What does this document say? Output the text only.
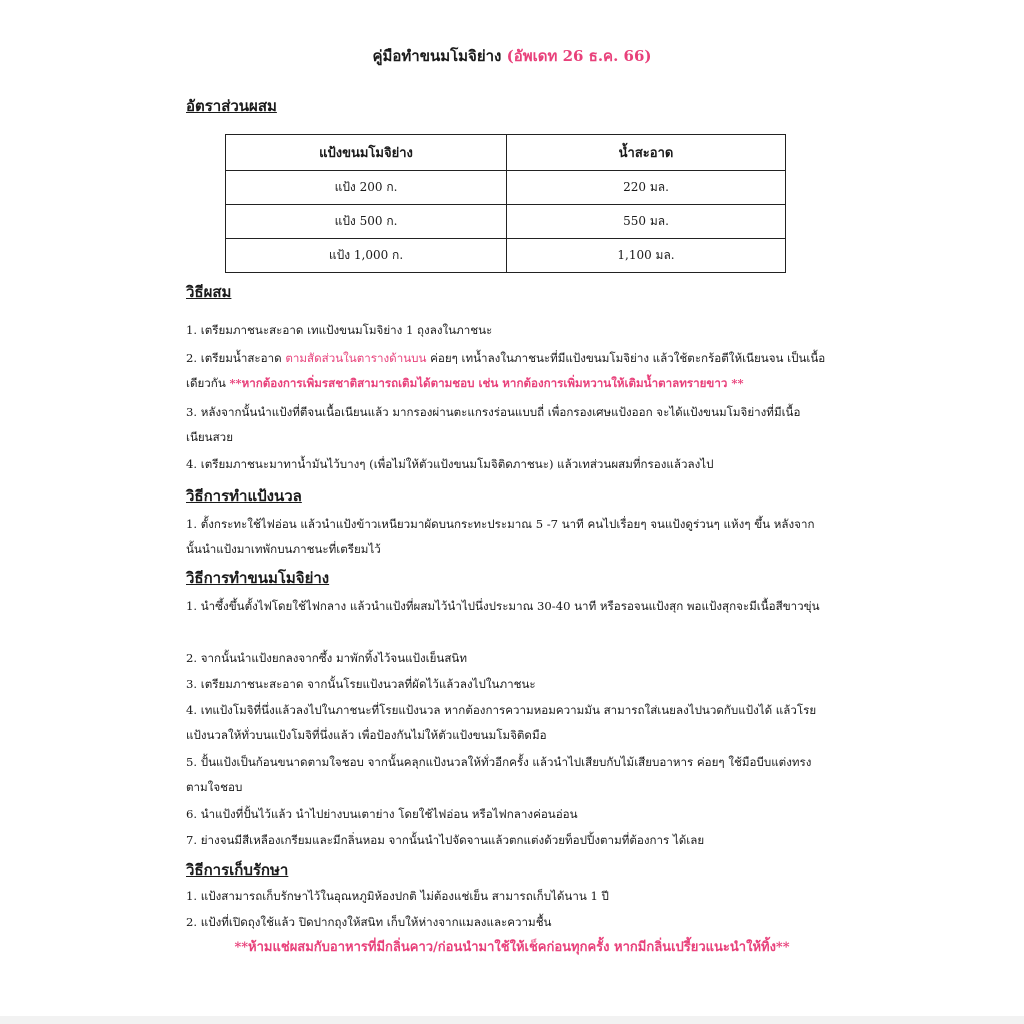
คู่มือทำขนมโมจิย่าง (อัพเดท 26 ธ.ค. 66)
อัตราส่วนผสม
แป้งขนมโมจิย่าง	น้ำสะอาด
แป้ง 200 ก.	220 มล.
แป้ง 500 ก.	550 มล.
แป้ง 1,000 ก.	1,100 มล.
วิธีผสม
1. เตรียมภาชนะสะอาด เทแป้งขนมโมจิย่าง 1 ถุงลงในภาชนะ
2. เตรียมน้ำสะอาด ตามสัดส่วนในตารางด้านบน ค่อยๆ เทน้ำลงในภาชนะที่มีแป้งขนมโมจิย่าง แล้วใช้ตะกร้อตีให้เนียนจน เป็นเนื้อเดียวกัน **หากต้องการเพิ่มรสชาติสามารถเติมได้ตามชอบ เช่น หากต้องการเพิ่มหวานให้เติมน้ำตาลทรายขาว **
3. หลังจากนั้นนำแป้งที่ตีจนเนื้อเนียนแล้ว มากรองผ่านตะแกรงร่อนแบบถี่ เพื่อกรองเศษแป้งออก จะได้แป้งขนมโมจิย่างที่มีเนื้อเนียนสวย
4. เตรียมภาชนะมาทาน้ำมันไว้บางๆ (เพื่อไม่ให้ตัวแป้งขนมโมจิติดภาชนะ) แล้วเทส่วนผสมที่กรองแล้วลงไป
วิธีการทำแป้งนวล
1. ตั้งกระทะใช้ไฟอ่อน แล้วนำแป้งข้าวเหนียวมาผัดบนกระทะประมาณ 5 -7 นาที คนไปเรื่อยๆ จนแป้งดูร่วนๆ แห้งๆ ขึ้น หลังจากนั้นนำแป้งมาเทพักบนภาชนะที่เตรียมไว้
วิธีการทำขนมโมจิย่าง
1. นำซึ้งขึ้นตั้งไฟโดยใช้ไฟกลาง แล้วนำแป้งที่ผสมไว้นำไปนึ่งประมาณ 30-40 นาที หรือรอจนแป้งสุก พอแป้งสุกจะมีเนื้อสีขาวขุ่น
2. จากนั้นนำแป้งยกลงจากซึ้ง มาพักทิ้งไว้จนแป้งเย็นสนิท
3. เตรียมภาชนะสะอาด จากนั้นโรยแป้งนวลที่ผัดไว้แล้วลงไปในภาชนะ
4. เทแป้งโมจิที่นึ่งแล้วลงไปในภาชนะที่โรยแป้งนวล หากต้องการความหอมความมัน สามารถใส่เนยลงไปนวดกับแป้งได้ แล้วโรยแป้งนวลให้ทั่วบนแป้งโมจิที่นึ่งแล้ว เพื่อป้องกันไม่ให้ตัวแป้งขนมโมจิติดมือ
5. ปั้นแป้งเป็นก้อนขนาดตามใจชอบ จากนั้นคลุกแป้งนวลให้ทั่วอีกครั้ง แล้วนำไปเสียบกับไม้เสียบอาหาร ค่อยๆ ใช้มือบีบแต่งทรงตามใจชอบ
6. นำแป้งที่ปั้นไว้แล้ว นำไปย่างบนเตาย่าง โดยใช้ไฟอ่อน หรือไฟกลางค่อนอ่อน
7. ย่างจนมีสีเหลืองเกรียมและมีกลิ่นหอม จากนั้นนำไปจัดจานแล้วตกแต่งด้วยท็อปปิ้งตามที่ต้องการ ได้เลย
วิธีการเก็บรักษา
1. แป้งสามารถเก็บรักษาไว้ในอุณหภูมิห้องปกติ ไม่ต้องแช่เย็น สามารถเก็บได้นาน 1 ปี
2. แป้งที่เปิดถุงใช้แล้ว ปิดปากถุงให้สนิท เก็บให้ห่างจากแมลงและความชื้น
**ห้ามแช่ผสมกับอาหารที่มีกลิ่นคาว/ก่อนนำมาใช้ให้เช็คก่อนทุกครั้ง หากมีกลิ่นเปรี้ยวแนะนำให้ทิ้ง**
